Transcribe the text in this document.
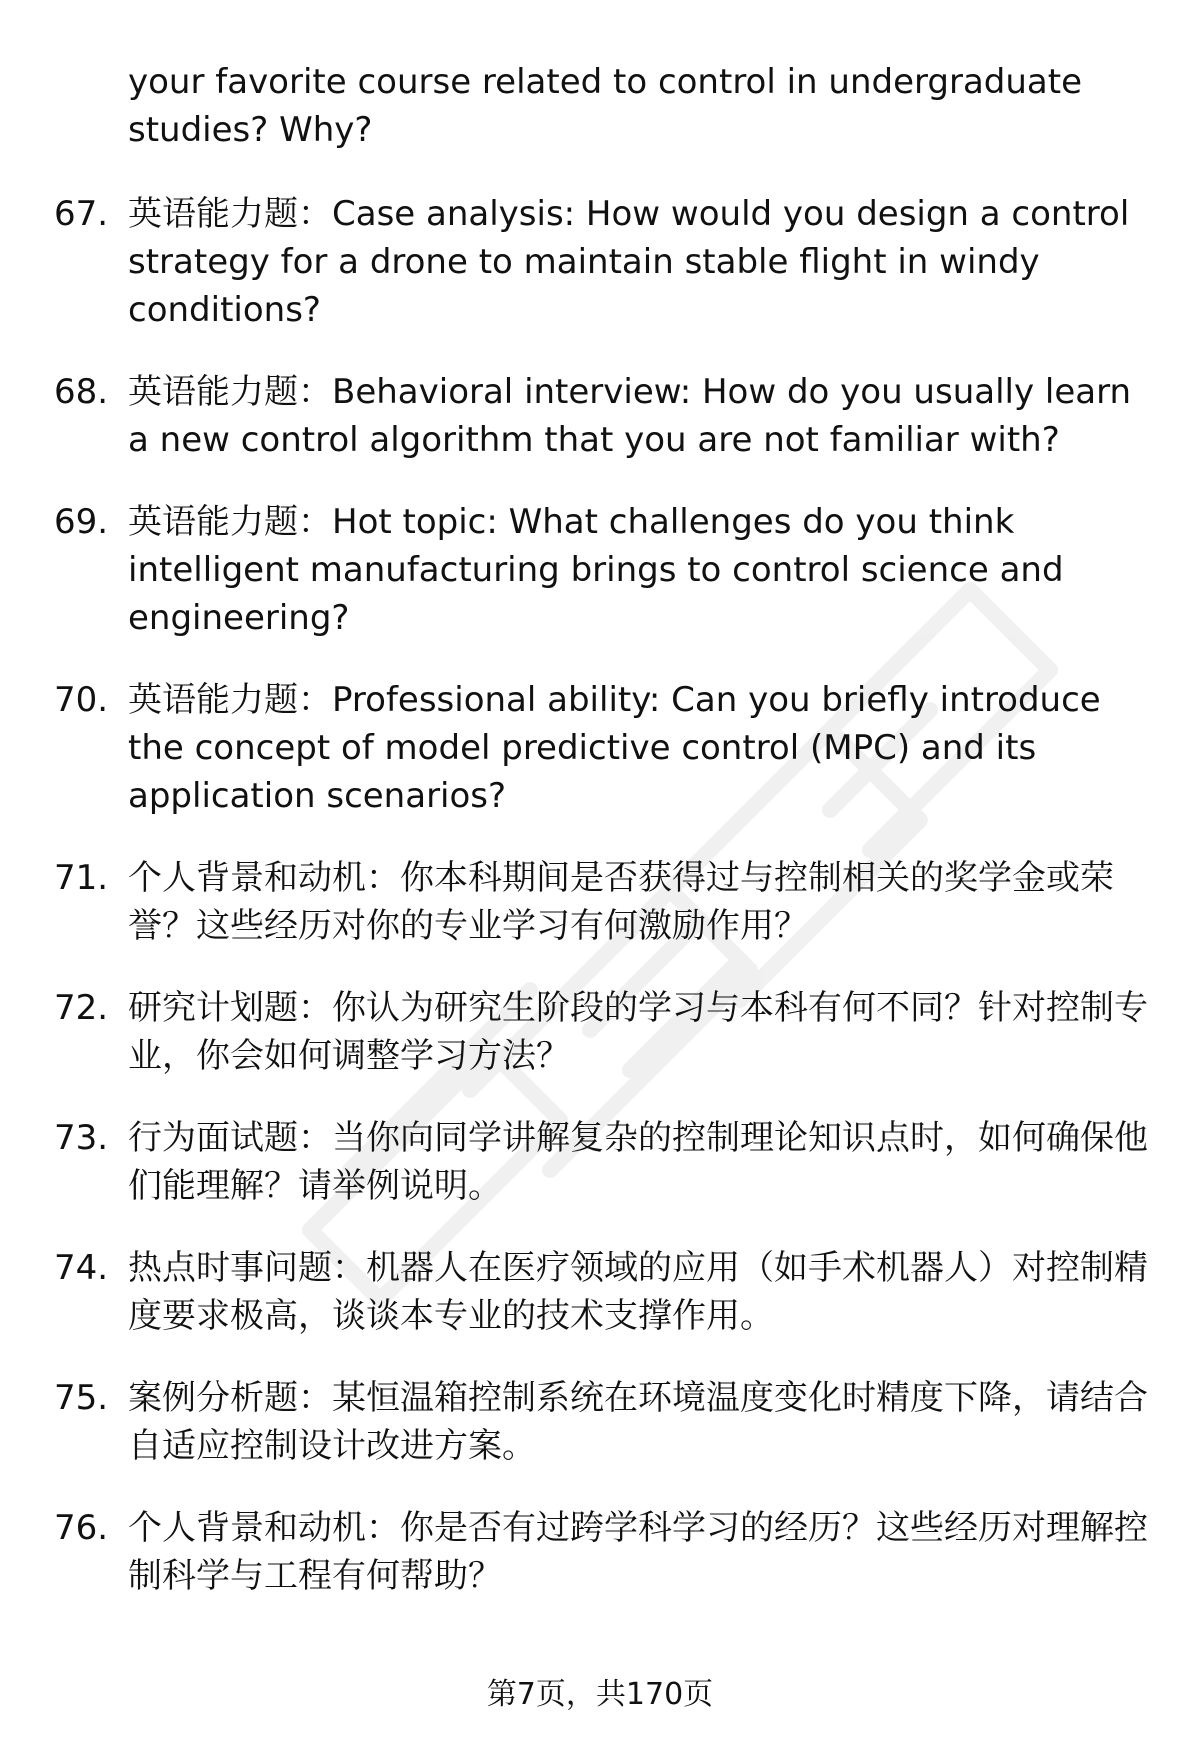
your favorite course related to control in undergraduate studies? Why?
67. 英语能力题：Case analysis: How would you design a control strategy for a drone to maintain stable flight in windy conditions?
68. 英语能力题：Behavioral interview: How do you usually learn a new control algorithm that you are not familiar with?
69. 英语能力题：Hot topic: What challenges do you think intelligent manufacturing brings to control science and engineering?
70. 英语能力题：Professional ability: Can you briefly introduce the concept of model predictive control (MPC) and its application scenarios?
71. 个人背景和动机：你本科期间是否获得过与控制相关的奖学金或荣誉？这些经历对你的专业学习有何激励作用？
72. 研究计划题：你认为研究生阶段的学习与本科有何不同？针对控制专业，你会如何调整学习方法？
73. 行为面试题：当你向同学讲解复杂的控制理论知识点时，如何确保他们能理解？请举例说明。
74. 热点时事问题：机器人在医疗领域的应用（如手术机器人）对控制精度要求极高，谈谈本专业的技术支撑作用。
75. 案例分析题：某恒温箱控制系统在环境温度变化时精度下降，请结合自适应控制设计改进方案。
76. 个人背景和动机：你是否有过跨学科学习的经历？这些经历对理解控制科学与工程有何帮助？
第7页，共170页
